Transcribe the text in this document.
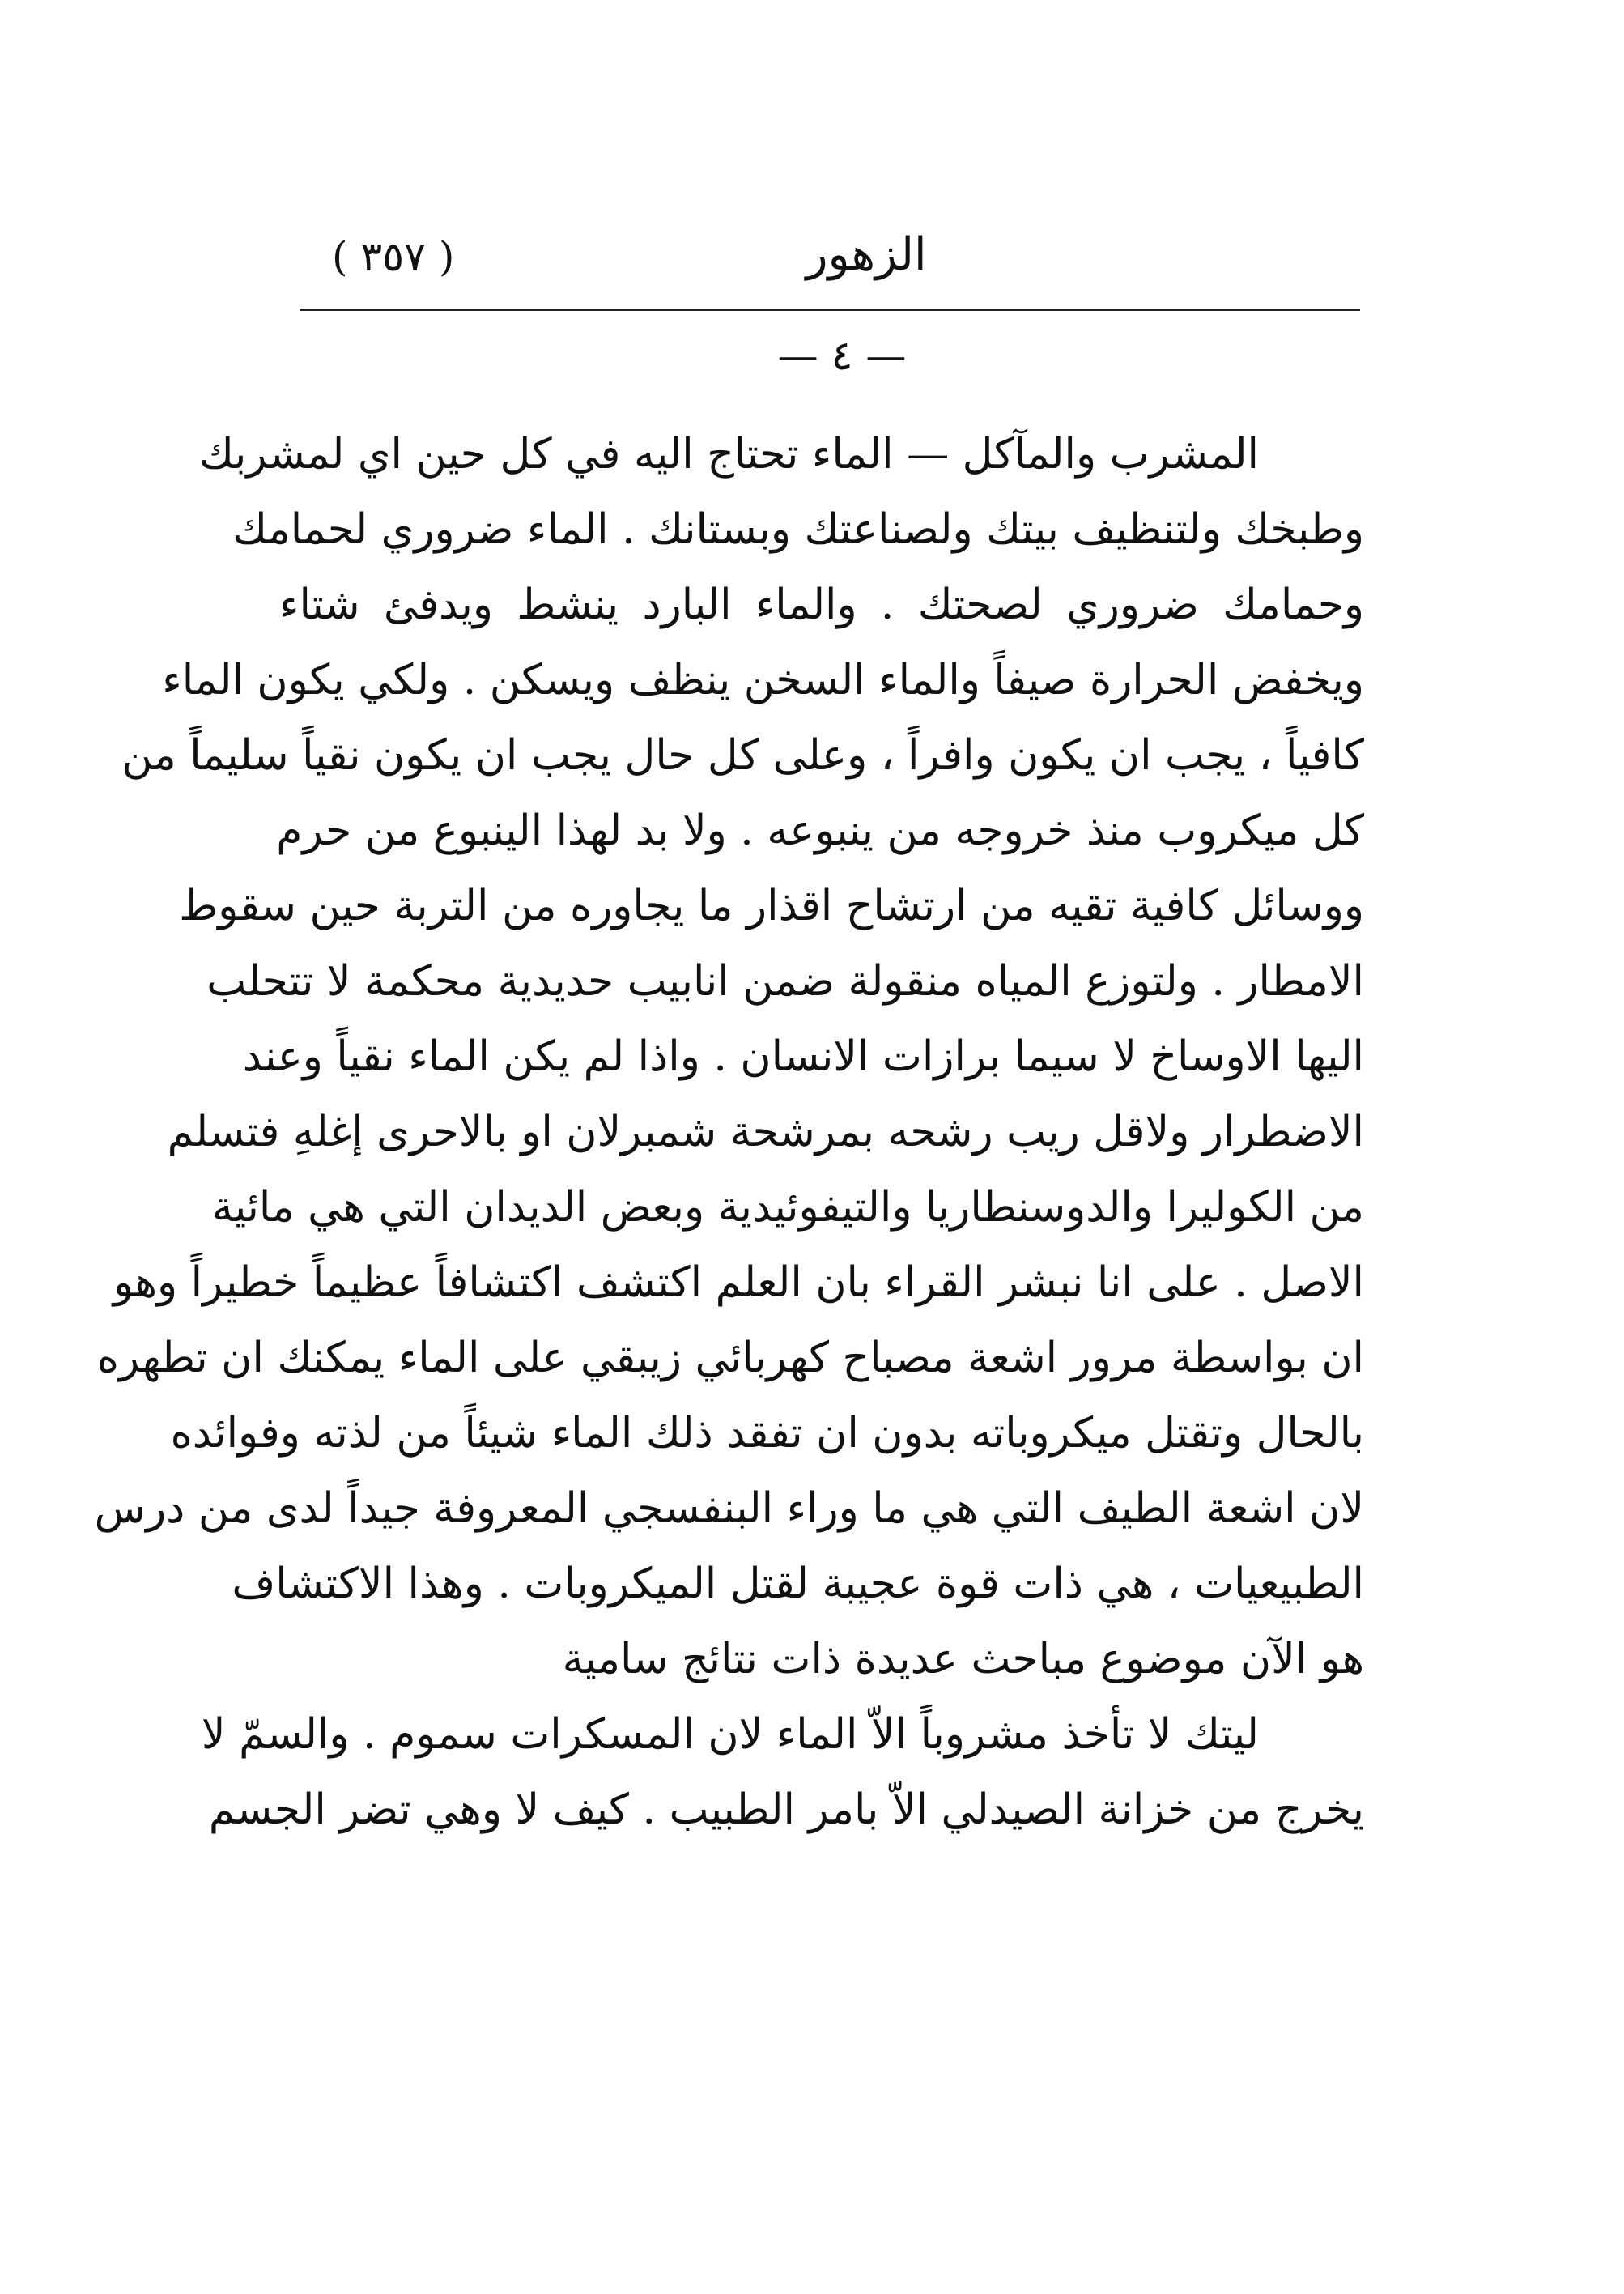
( ٣٥٧ )	الزهور
— ٤ —
المشرب والمآكل — الماء تحتاج اليه في كل حين اي لمشربك
وطبخك ولتنظيف بيتك ولصناعتك وبستانك . الماء ضروري لحمامك
وحمامك ضروري لصحتك . والماء البارد ينشط ويدفئ شتاء
ويخفض الحرارة صيفاً والماء السخن ينظف ويسكن . ولكي يكون الماء
كافياً ، يجب ان يكون وافراً ، وعلى كل حال يجب ان يكون نقياً سليماً من
كل ميكروب منذ خروجه من ينبوعه . ولا بد لهذا الينبوع من حرم
ووسائل كافية تقيه من ارتشاح اقذار ما يجاوره من التربة حين سقوط
الامطار . ولتوزع المياه منقولة ضمن انابيب حديدية محكمة لا تتحلب
اليها الاوساخ لا سيما برازات الانسان . واذا لم يكن الماء نقياً وعند
الاضطرار ولاقل ريب رشحه بمرشحة شمبرلان او بالاحرى إغلهِ فتسلم
من الكوليرا والدوسنطاريا والتيفوئيدية وبعض الديدان التي هي مائية
الاصل . على انا نبشر القراء بان العلم اكتشف اكتشافاً عظيماً خطيراً وهو
ان بواسطة مرور اشعة مصباح كهربائي زيبقي على الماء يمكنك ان تطهره
بالحال وتقتل ميكروباته بدون ان تفقد ذلك الماء شيئاً من لذته وفوائده
لان اشعة الطيف التي هي ما وراء البنفسجي المعروفة جيداً لدى من درس
الطبيعيات ، هي ذات قوة عجيبة لقتل الميكروبات . وهذا الاكتشاف
هو الآن موضوع مباحث عديدة ذات نتائج سامية
ليتك لا تأخذ مشروباً الاّ الماء لان المسكرات سموم . والسمّ لا
يخرج من خزانة الصيدلي الاّ بامر الطبيب . كيف لا وهي تضر الجسم
